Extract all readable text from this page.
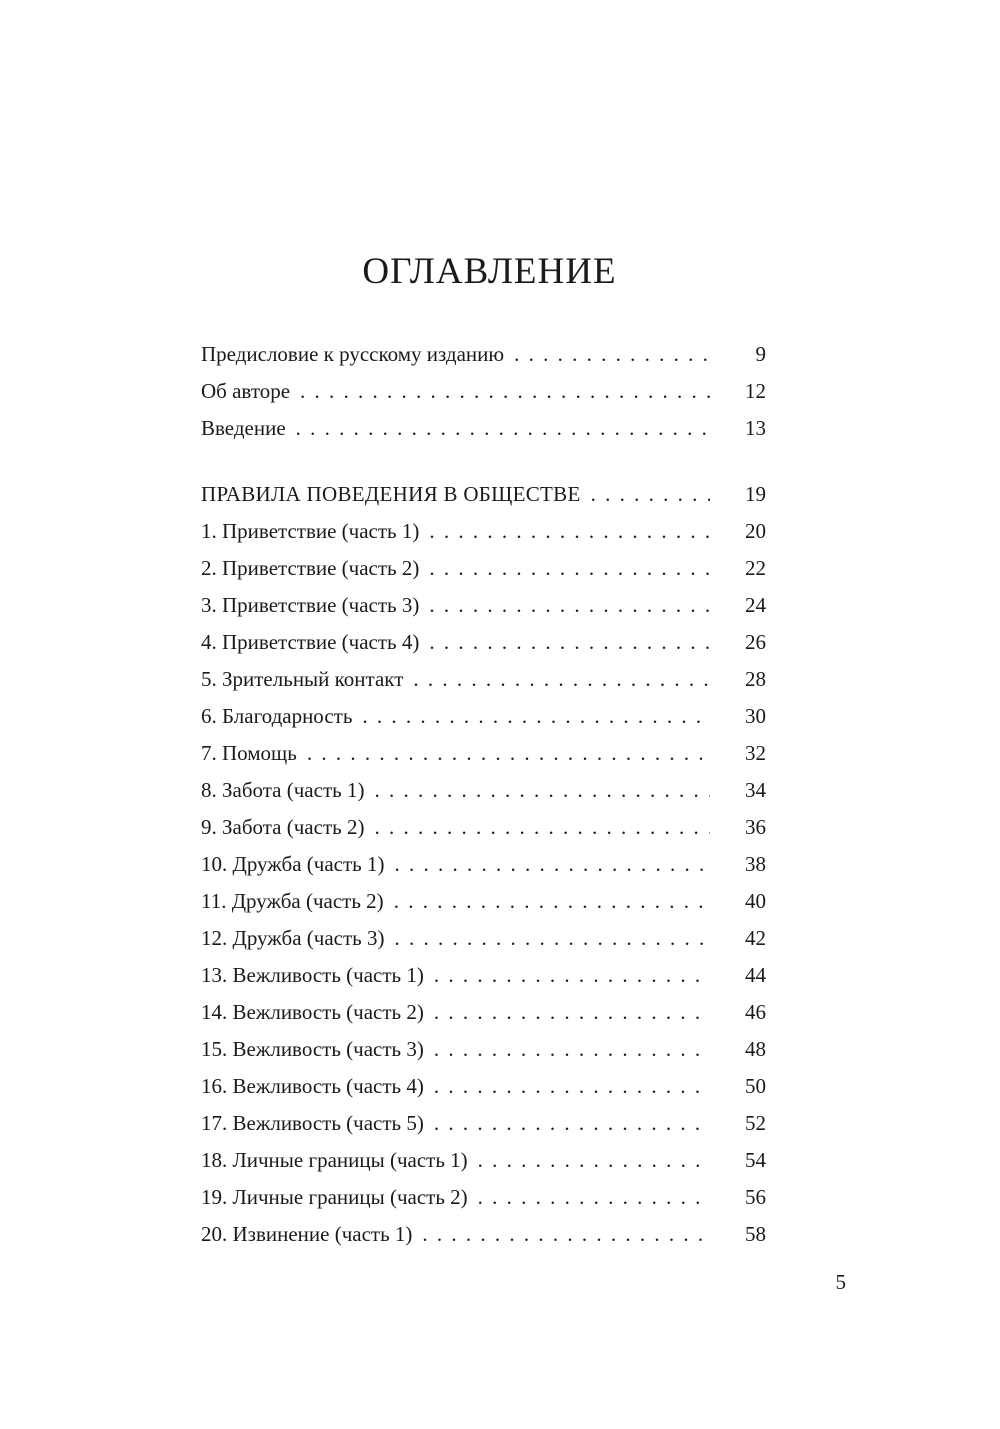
ОГЛАВЛЕНИЕ
Предисловие к русскому изданию . . .	9
Об авторе . . .	12
Введение . . .	13
ПРАВИЛА ПОВЕДЕНИЯ В ОБЩЕСТВЕ . . .	19
1. Приветствие (часть 1) . . .	20
2. Приветствие (часть 2) . . .	22
3. Приветствие (часть 3) . . .	24
4. Приветствие (часть 4) . . .	26
5. Зрительный контакт . . .	28
6. Благодарность . . .	30
7. Помощь . . .	32
8. Забота (часть 1) . . .	34
9. Забота (часть 2) . . .	36
10. Дружба (часть 1) . . .	38
11. Дружба (часть 2) . . .	40
12. Дружба (часть 3) . . .	42
13. Вежливость (часть 1) . . .	44
14. Вежливость (часть 2) . . .	46
15. Вежливость (часть 3) . . .	48
16. Вежливость (часть 4) . . .	50
17. Вежливость (часть 5) . . .	52
18. Личные границы (часть 1) . . .	54
19. Личные границы (часть 2) . . .	56
20. Извинение (часть 1) . . .	58
5
